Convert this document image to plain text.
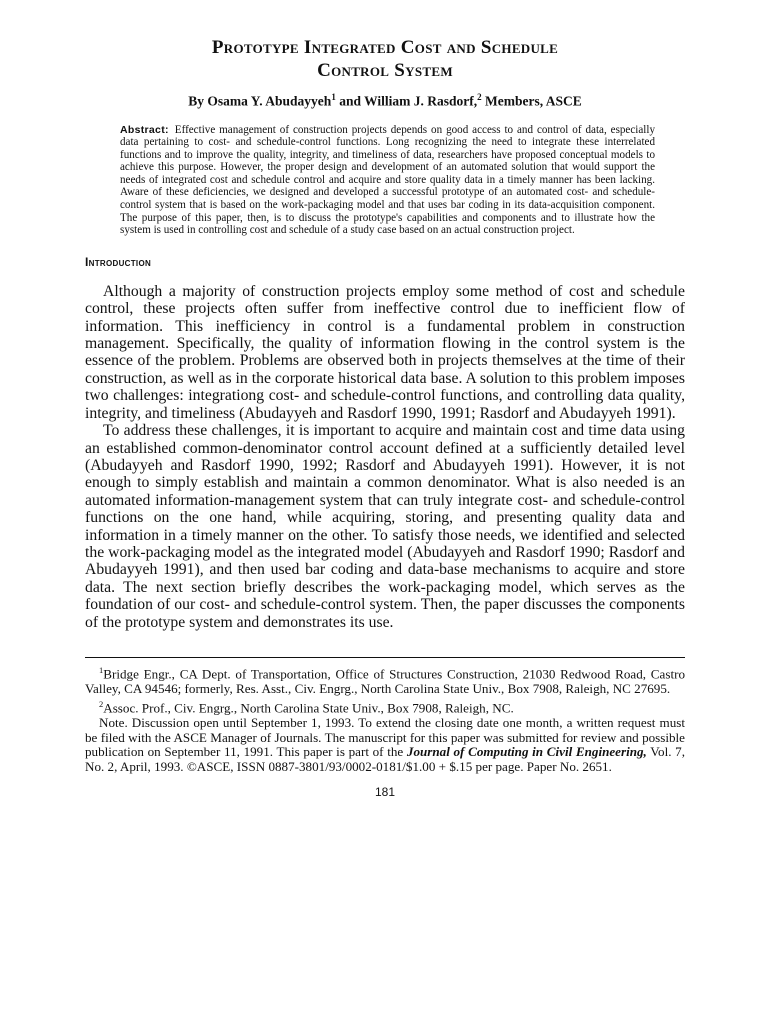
Prototype Integrated Cost and Schedule
Control System
By Osama Y. Abudayyeh$^1$ and William J. Rasdorf,$^2$ Members, ASCE
Abstract: Effective management of construction projects depends on good access to and control of data, especially data pertaining to cost- and schedule-control functions. Long recognizing the need to integrate these interrelated functions and to improve the quality, integrity, and timeliness of data, researchers have proposed conceptual models to achieve this purpose. However, the proper design and development of an automated solution that would support the needs of integrated cost and schedule control and acquire and store quality data in a timely manner has been lacking. Aware of these deficiencies, we designed and developed a successful prototype of an automated cost- and schedule-control system that is based on the work-packaging model and that uses bar coding in its data-acquisition component. The purpose of this paper, then, is to discuss the prototype's capabilities and components and to illustrate how the system is used in controlling cost and schedule of a study case based on an actual construction project.
Introduction

Although a majority of construction projects employ some method of cost and schedule control, these projects often suffer from ineffective control due to inefficient flow of information. This inefficiency in control is a fundamental problem in construction management. Specifically, the quality of information flowing in the control system is the essence of the problem. Problems are observed both in projects themselves at the time of their construction, as well as in the corporate historical data base. A solution to this problem imposes two challenges: integrationg cost- and schedule-control functions, and controlling data quality, integrity, and timeliness (Abudayyeh and Rasdorf 1990, 1991; Rasdorf and Abudayyeh 1991).

To address these challenges, it is important to acquire and maintain cost and time data using an established common-denominator control account defined at a sufficiently detailed level (Abudayyeh and Rasdorf 1990, 1992; Rasdorf and Abudayyeh 1991). However, it is not enough to simply establish and maintain a common denominator. What is also needed is an automated information-management system that can truly integrate cost- and schedule-control functions on the one hand, while acquiring, storing, and presenting quality data and information in a timely manner on the other. To satisfy those needs, we identified and selected the work-packaging model as the integrated model (Abudayyeh and Rasdorf 1990; Rasdorf and Abudayyeh 1991), and then used bar coding and data-base mechanisms to acquire and store data. The next section briefly describes the work-packaging model, which serves as the foundation of our cost- and schedule-control system. Then, the paper discusses the components of the prototype system and demonstrates its use.

$^1$Bridge Engr., CA Dept. of Transportation, Office of Structures Construction, 21030 Redwood Road, Castro Valley, CA 94546; formerly, Res. Asst., Civ. Engrg., North Carolina State Univ., Box 7908, Raleigh, NC 27695.

$^2$Assoc. Prof., Civ. Engrg., North Carolina State Univ., Box 7908, Raleigh, NC.

Note. Discussion open until September 1, 1993. To extend the closing date one month, a written request must be filed with the ASCE Manager of Journals. The manuscript for this paper was submitted for review and possible publication on September 11, 1991. This paper is part of the Journal of Computing in Civil Engineering, Vol. 7, No. 2, April, 1993. ©ASCE, ISSN 0887-3801/93/0002-0181/$1.00 + $.15 per page. Paper No. 2651.

181
